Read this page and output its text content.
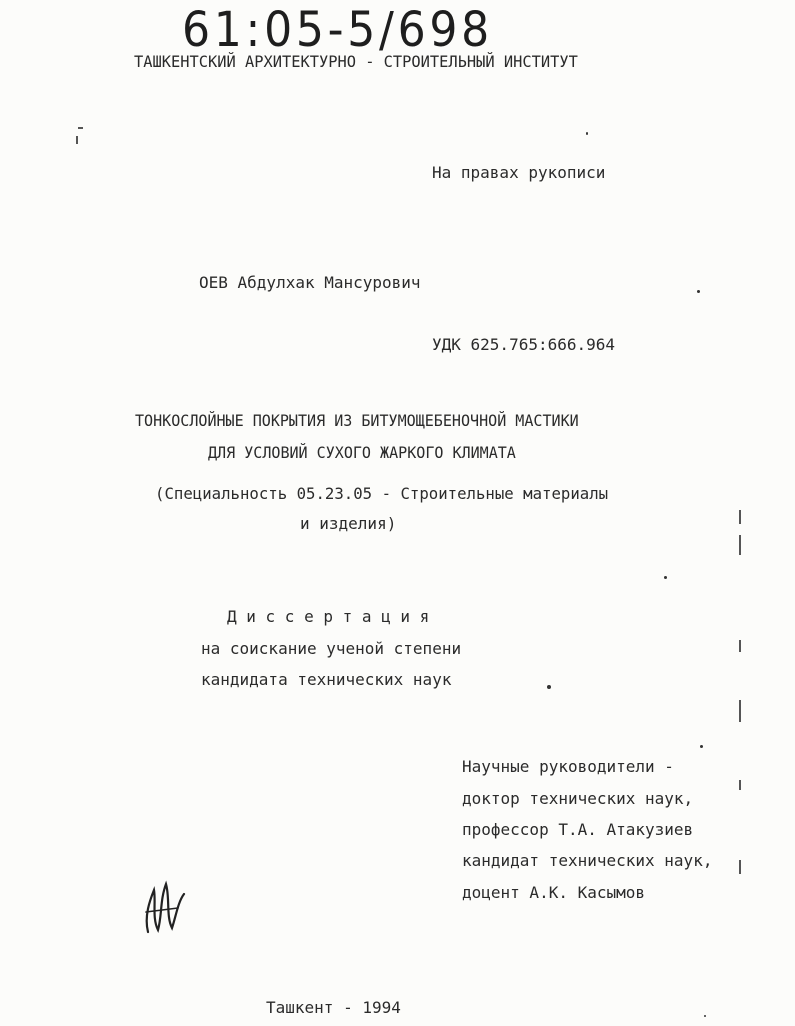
61:05-5/698
ТАШКЕНТСКИЙ АРХИТЕКТУРНО - СТРОИТЕЛЬНЫЙ ИНСТИТУТ
На правах рукописи
ОЕВ Абдулхак Мансурович
УДК 625.765:666.964
ТОНКОСЛОЙНЫЕ ПОКРЫТИЯ ИЗ БИТУМОЩЕБЕНОЧНОЙ МАСТИКИ
ДЛЯ УСЛОВИЙ СУХОГО ЖАРКОГО КЛИМАТА
(Специальность 05.23.05 - Строительные материалы
и изделия)
Д и с с е р т а ц и я
на соискание ученой степени
кандидата технических наук
Научные руководители -
доктор технических наук,
профессор Т.А. Атакузиев
кандидат технических наук,
доцент А.К. Касымов
Ташкент - 1994
